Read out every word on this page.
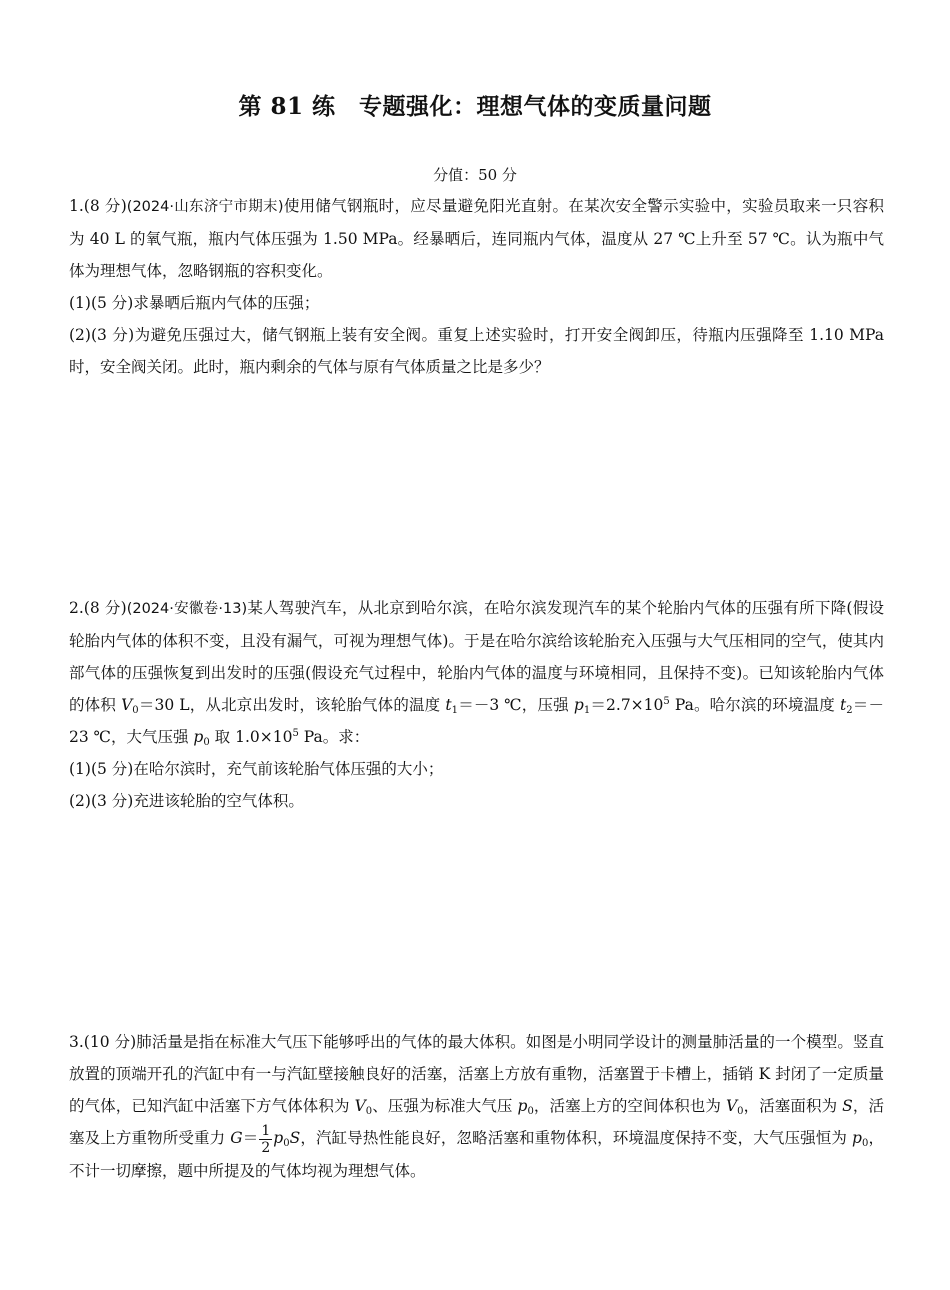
第 81 练　专题强化：理想气体的变质量问题
分值：50 分

1.(8 分)(2024·山东济宁市期末)使用储气钢瓶时，应尽量避免阳光直射。在某次安全警示实验中，实验员取来一只容积为 40 L 的氧气瓶，瓶内气体压强为 1.50 MPa。经暴晒后，连同瓶内气体，温度从 27 ℃上升至 57 ℃。认为瓶中气体为理想气体，忽略钢瓶的容积变化。

(1)(5 分)求暴晒后瓶内气体的压强；

(2)(3 分)为避免压强过大，储气钢瓶上装有安全阀。重复上述实验时，打开安全阀卸压，待瓶内压强降至 1.10 MPa 时，安全阀关闭。此时，瓶内剩余的气体与原有气体质量之比是多少？

2.(8 分)(2024·安徽卷·13)某人驾驶汽车，从北京到哈尔滨，在哈尔滨发现汽车的某个轮胎内气体的压强有所下降(假设轮胎内气体的体积不变，且没有漏气，可视为理想气体)。于是在哈尔滨给该轮胎充入压强与大气压相同的空气，使其内部气体的压强恢复到出发时的压强(假设充气过程中，轮胎内气体的温度与环境相同，且保持不变)。已知该轮胎内气体的体积 $V_0=30$ L，从北京出发时，该轮胎气体的温度 $t_1=-3$ ℃，压强 $p_1=2.7\times 10^5$ Pa。哈尔滨的环境温度 $t_2=-23$ ℃，大气压强 $p_0$ 取 $1.0\times 10^5$ Pa。求：

(1)(5 分)在哈尔滨时，充气前该轮胎气体压强的大小；

(2)(3 分)充进该轮胎的空气体积。

3.(10 分)肺活量是指在标准大气压下能够呼出的气体的最大体积。如图是小明同学设计的测量肺活量的一个模型。竖直放置的顶端开孔的汽缸中有一与汽缸壁接触良好的活塞，活塞上方放有重物，活塞置于卡槽上，插销 K 封闭了一定质量的气体，已知汽缸中活塞下方气体体积为 $V_0$、压强为标准大气压 $p_0$，活塞上方的空间体积也为 $V_0$，活塞面积为 S，活塞及上方重物所受重力 $G= \frac{1}{2} p_0S$，汽缸导热性能良好，忽略活塞和重物体积，环境温度保持不变，大气压强恒为 $p_0$，不计一切摩擦，题中所提及的气体均视为理想气体。
